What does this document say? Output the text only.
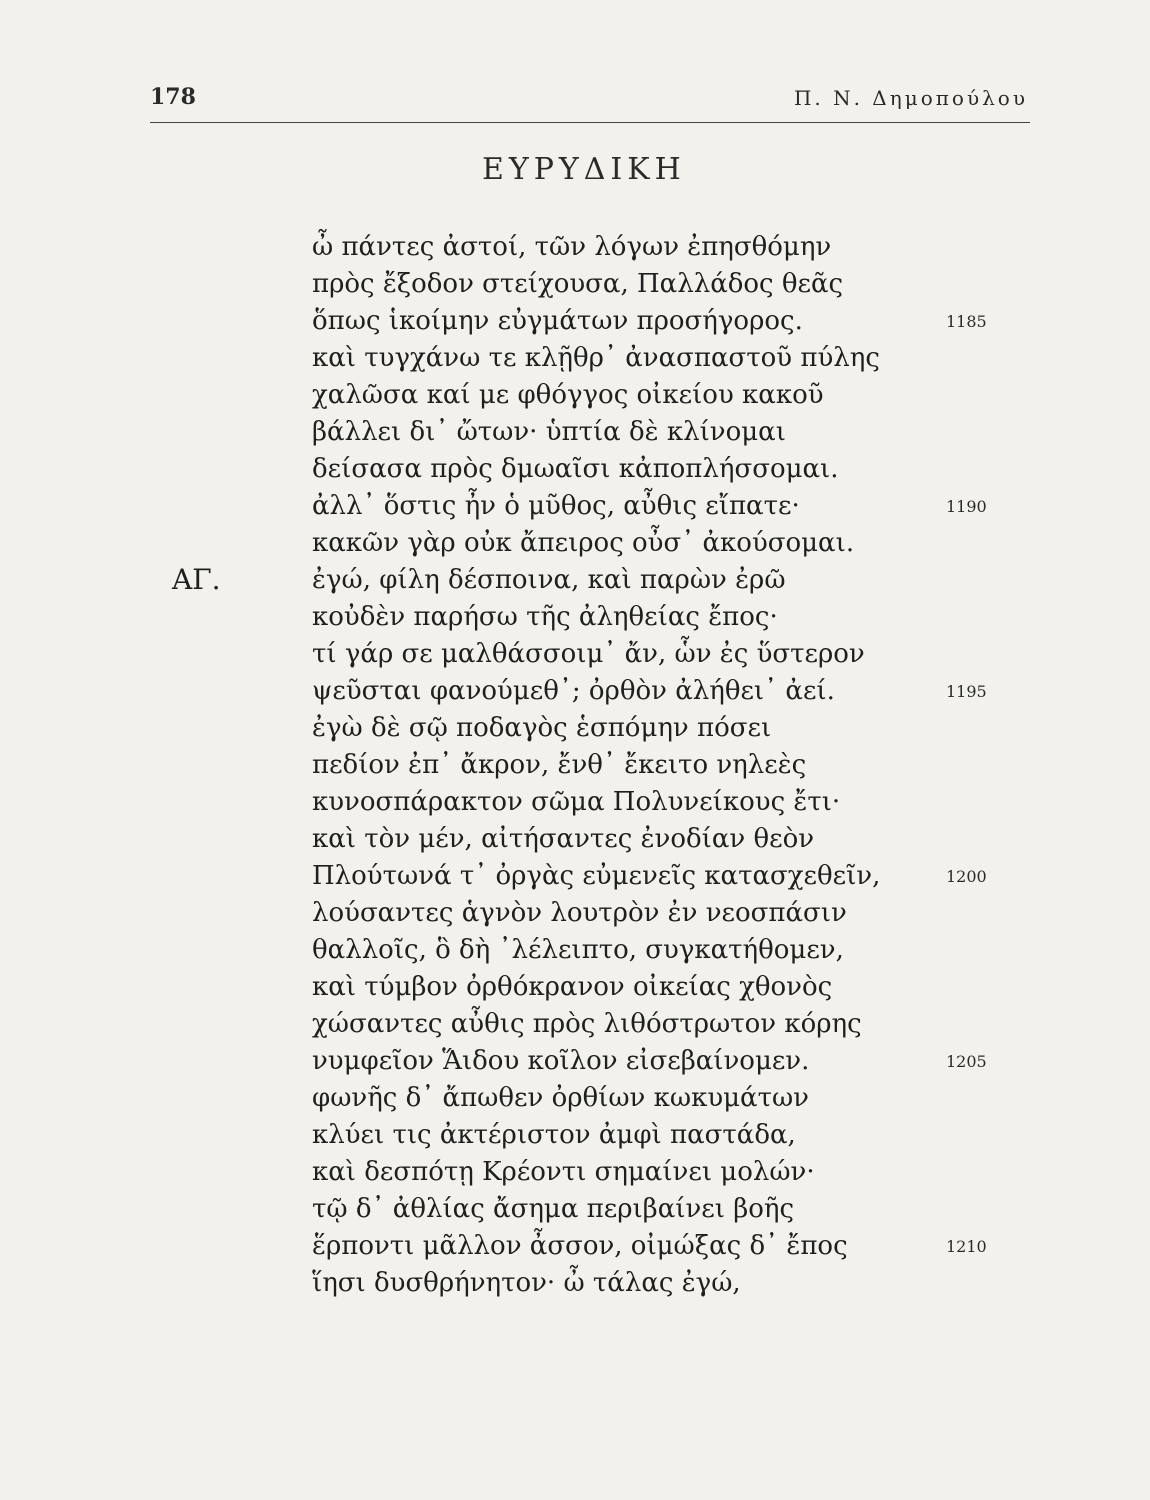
178	Π. Ν. Δημοπούλου
ΕΥΡΥΔΙΚΗ
ὦ πάντες ἀστοί, τῶν λόγων ἐπησθόμην
πρὸς ἔξοδον στείχουσα, Παλλάδος θεᾶς
ὅπως ἱκοίμην εὐγμάτων προσήγορος.	1185
καὶ τυγχάνω τε κλῇθρ᾽ ἀνασπαστοῦ πύλης
χαλῶσα καί με φθόγγος οἰκείου κακοῦ
βάλλει δι᾽ ὤτων· ὑπτία δὲ κλίνομαι
δείσασα πρὸς δμωαῖσι κἀποπλήσσομαι.
ἀλλ᾽ ὅστις ἦν ὁ μῦθος, αὖθις εἴπατε·	1190
κακῶν γὰρ οὐκ ἄπειρος οὖσ᾽ ἀκούσομαι.
ΑΓ.	ἐγώ, φίλη δέσποινα, καὶ παρὼν ἐρῶ
κοὐδὲν παρήσω τῆς ἀληθείας ἔπος·
τί γάρ σε μαλθάσσοιμ᾽ ἄν, ὧν ἐς ὕστερον
ψεῦσται φανούμεθ᾽; ὀρθὸν ἀλήθει᾽ ἀεί.	1195
ἐγὼ δὲ σῷ ποδαγὸς ἑσπόμην πόσει
πεδίον ἐπ᾽ ἄκρον, ἔνθ᾽ ἔκειτο νηλεὲς
κυνοσπάρακτον σῶμα Πολυνείκους ἔτι·
καὶ τὸν μέν, αἰτήσαντες ἐνοδίαν θεὸν
Πλούτωνά τ᾽ ὀργὰς εὐμενεῖς κατασχεθεῖν,	1200
λούσαντες ἁγνὸν λουτρὸν ἐν νεοσπάσιν
θαλλοῖς, ὃ δὴ ᾽λέλειπτο, συγκατήθομεν,
καὶ τύμβον ὀρθόκρανον οἰκείας χθονὸς
χώσαντες αὖθις πρὸς λιθόστρωτον κόρης
νυμφεῖον Ἅιδου κοῖλον εἰσεβαίνομεν.	1205
φωνῆς δ᾽ ἄπωθεν ὀρθίων κωκυμάτων
κλύει τις ἀκτέριστον ἀμφὶ παστάδα,
καὶ δεσπότῃ Κρέοντι σημαίνει μολών·
τῷ δ᾽ ἀθλίας ἄσημα περιβαίνει βοῆς
ἕρποντι μᾶλλον ἆσσον, οἰμώξας δ᾽ ἔπος	1210
ἵησι δυσθρήνητον· ὦ τάλας ἐγώ,
